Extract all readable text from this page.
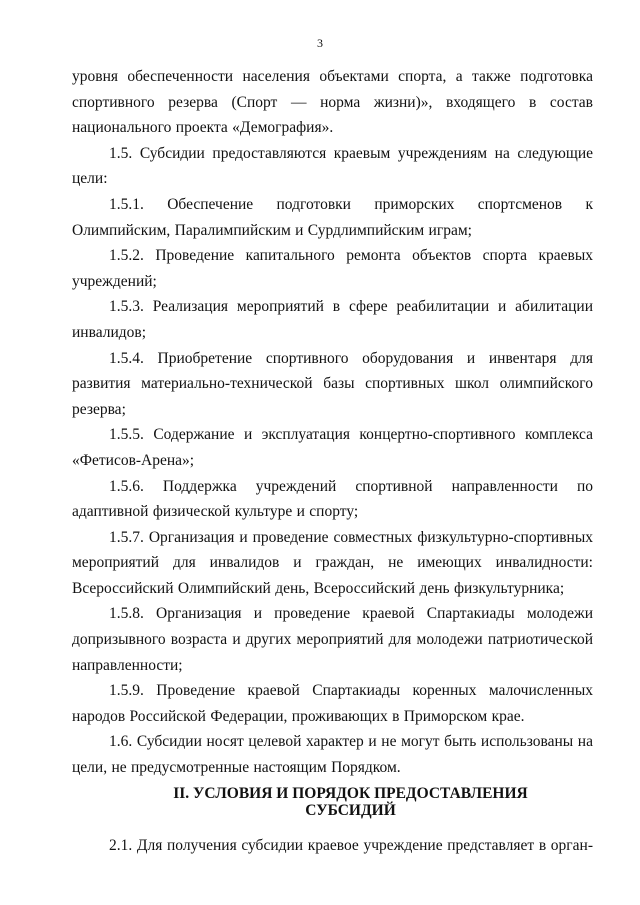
3

уровня обеспеченности населения объектами спорта, а также подготовка спортивного резерва (Спорт — норма жизни)», входящего в состав национального проекта «Демография».

1.5. Субсидии предоставляются краевым учреждениям на следующие цели:

1.5.1. Обеспечение подготовки приморских спортсменов к Олимпийским, Паралимпийским и Сурдлимпийским играм;

1.5.2. Проведение капитального ремонта объектов спорта краевых учреждений;

1.5.3. Реализация мероприятий в сфере реабилитации и абилитации инвалидов;

1.5.4. Приобретение спортивного оборудования и инвентаря для развития материально-технической базы спортивных школ олимпийского резерва;

1.5.5. Содержание и эксплуатация концертно-спортивного комплекса «Фетисов-Арена»;

1.5.6. Поддержка учреждений спортивной направленности по адаптивной физической культуре и спорту;

1.5.7. Организация и проведение совместных физкультурно-спортивных мероприятий для инвалидов и граждан, не имеющих инвалидности: Всероссийский Олимпийский день, Всероссийский день физкультурника;

1.5.8. Организация и проведение краевой Спартакиады молодежи допризывного возраста и других мероприятий для молодежи патриотической направленности;

1.5.9. Проведение краевой Спартакиады коренных малочисленных народов Российской Федерации, проживающих в Приморском крае.

1.6. Субсидии носят целевой характер и не могут быть использованы на цели, не предусмотренные настоящим Порядком.

II. УСЛОВИЯ И ПОРЯДОК ПРЕДОСТАВЛЕНИЯ
СУБСИДИЙ

2.1. Для получения субсидии краевое учреждение представляет в орган-
